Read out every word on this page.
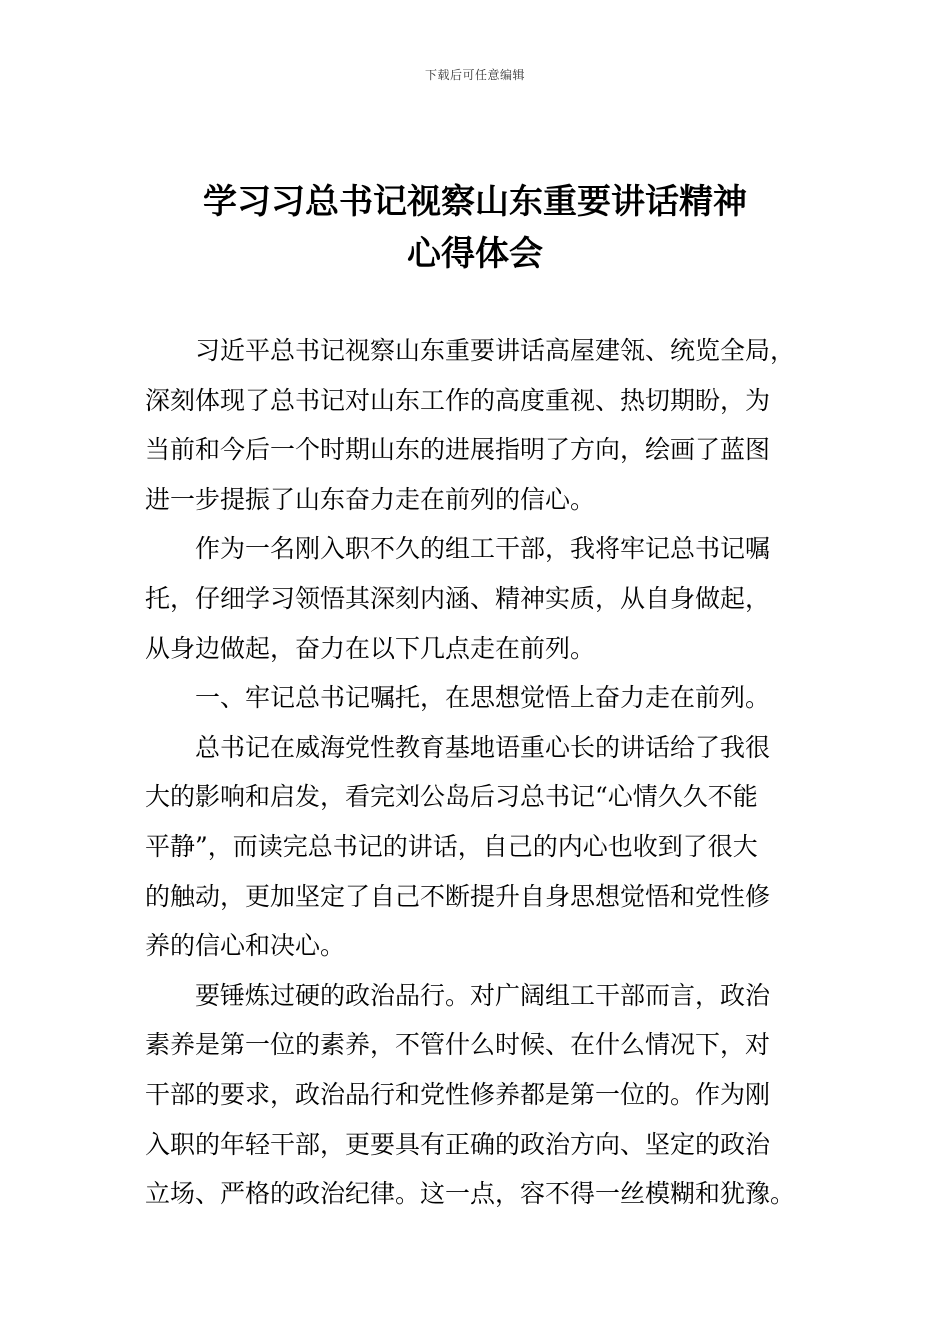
下载后可任意编辑
学习习总书记视察山东重要讲话精神
心得体会
习近平总书记视察山东重要讲话高屋建瓴、统览全局，
深刻体现了总书记对山东工作的高度重视、热切期盼，为
当前和今后一个时期山东的进展指明了方向，绘画了蓝图
进一步提振了山东奋力走在前列的信心。
作为一名刚入职不久的组工干部，我将牢记总书记嘱
托，仔细学习领悟其深刻内涵、精神实质，从自身做起，
从身边做起，奋力在以下几点走在前列。
一、牢记总书记嘱托，在思想觉悟上奋力走在前列。
总书记在威海党性教育基地语重心长的讲话给了我很
大的影响和启发，看完刘公岛后习总书记“心情久久不能
平静”，而读完总书记的讲话，自己的内心也收到了很大
的触动，更加坚定了自己不断提升自身思想觉悟和党性修
养的信心和决心。
要锤炼过硬的政治品行。对广阔组工干部而言，政治
素养是第一位的素养，不管什么时候、在什么情况下，对
干部的要求，政治品行和党性修养都是第一位的。作为刚
入职的年轻干部，更要具有正确的政治方向、坚定的政治
立场、严格的政治纪律。这一点，容不得一丝模糊和犹豫。
